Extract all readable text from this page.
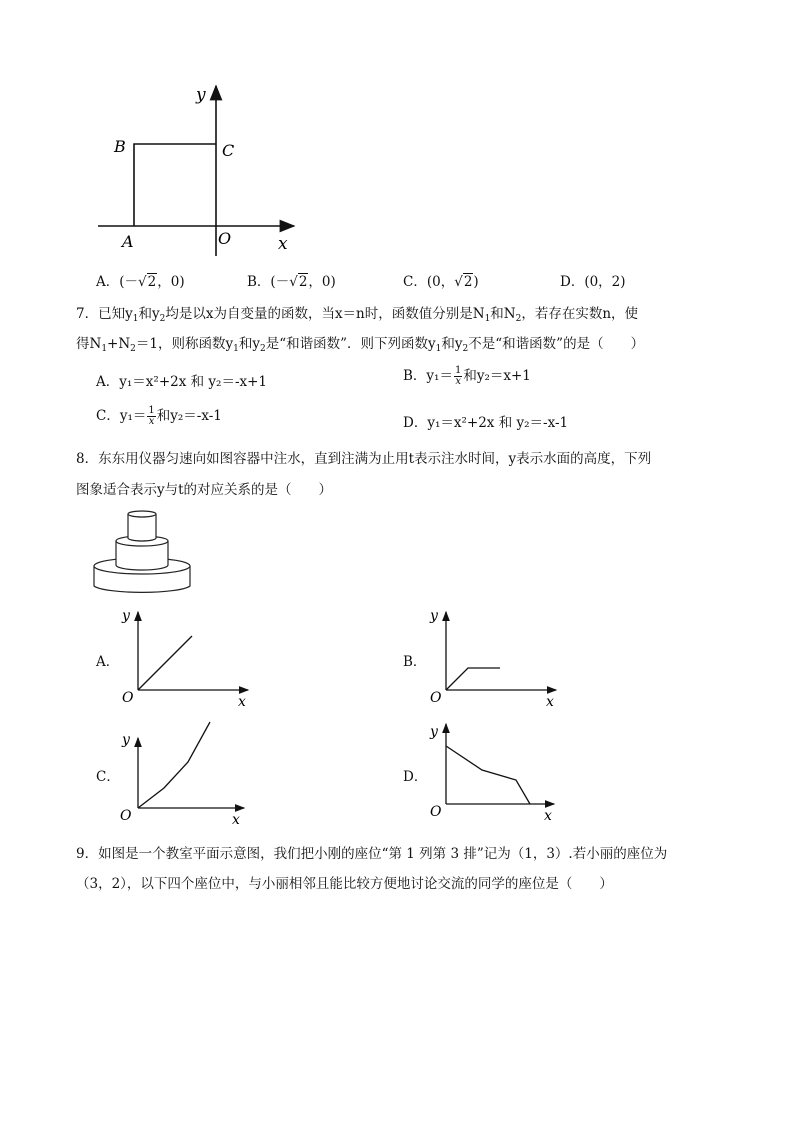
y
B	C
A	O	x
A．(－√2，0)	B．(－√2，0)	C．(0，√2)	D．(0，2)
7．已知$y_1$和$y_2$均是以x为自变量的函数，当x＝n时，函数值分别是$N_1$和$N_2$，若存在实数n，使
得$N_1+N_2=1$，则称函数$y_1$和$y_2$是“和谐函数”．则下列函数$y_1$和$y_2$不是“和谐函数”的是（　　）
A．y₁＝x²+2x 和 y₂＝-x+1	B．$y_1= \frac{1}{x}$ 和y₂＝x+1
C．$y_1= \frac{1}{x}$ 和y₂＝-x-1	D．y₁＝x²+2x 和 y₂＝-x-1
8．东东用仪器匀速向如图容器中注水，直到注满为止用t表示注水时间，y表示水面的高度，下列
图象适合表示y与t的对应关系的是（　　）
A．
y
O	x
B．
y
O	x
C．
y
O	x
D．
y
O	x
9．如图是一个教室平面示意图，我们把小刚的座位“第 1 列第 3 排”记为（1，3）.若小丽的座位为
（3，2），以下四个座位中，与小丽相邻且能比较方便地讨论交流的同学的座位是（　　）
